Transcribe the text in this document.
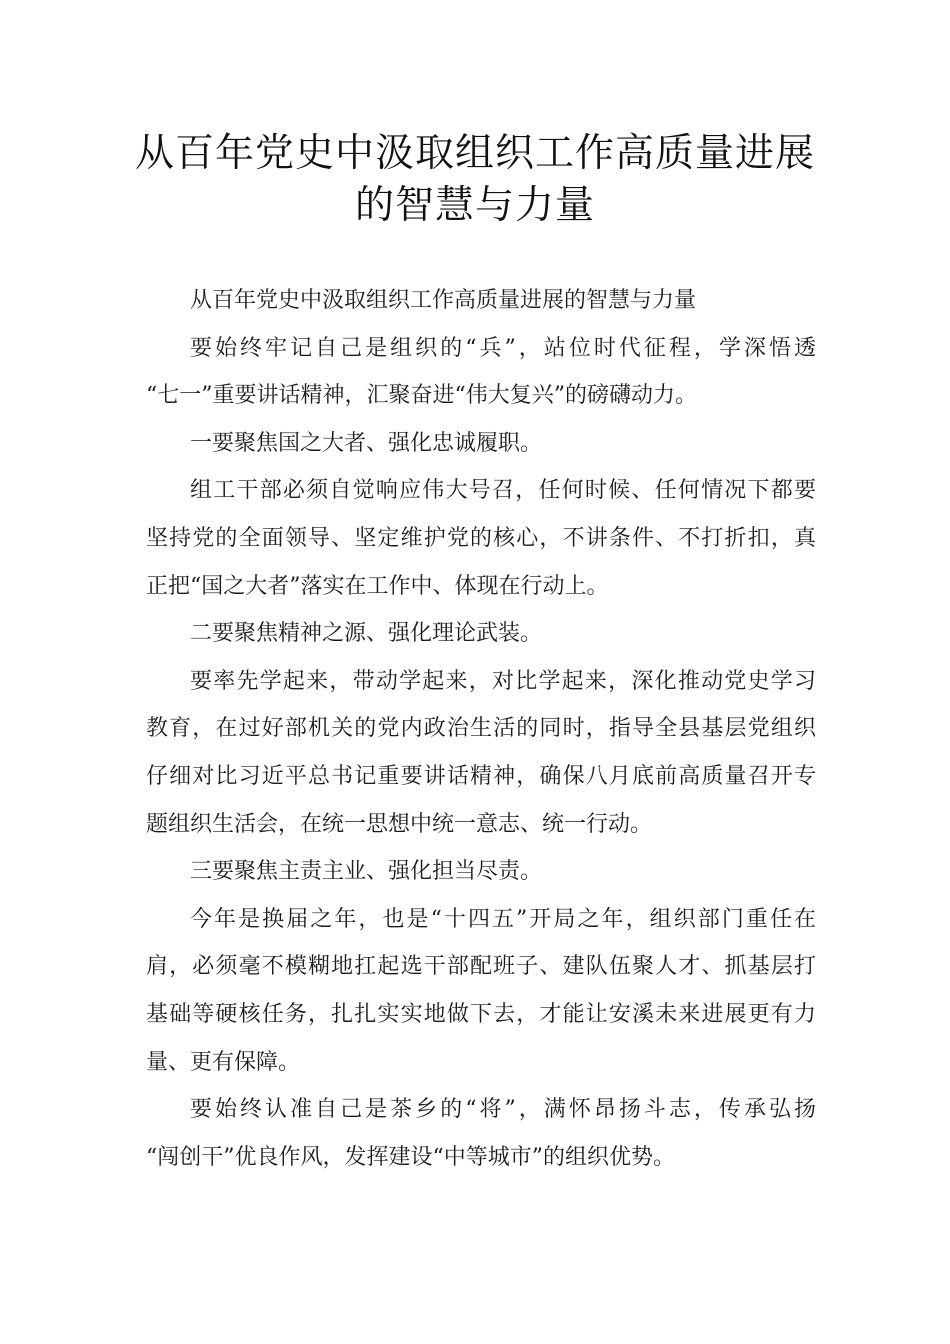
从百年党史中汲取组织工作高质量进展
的智慧与力量
从百年党史中汲取组织工作高质量进展的智慧与力量
要始终牢记自己是组织的“兵”，站位时代征程，学深悟透
“七一”重要讲话精神，汇聚奋进“伟大复兴”的磅礴动力。
一要聚焦国之大者、强化忠诚履职。
组工干部必须自觉响应伟大号召，任何时候、任何情况下都要
坚持党的全面领导、坚定维护党的核心，不讲条件、不打折扣，真
正把“国之大者”落实在工作中、体现在行动上。
二要聚焦精神之源、强化理论武装。
要率先学起来，带动学起来，对比学起来，深化推动党史学习
教育，在过好部机关的党内政治生活的同时，指导全县基层党组织
仔细对比习近平总书记重要讲话精神，确保八月底前高质量召开专
题组织生活会，在统一思想中统一意志、统一行动。
三要聚焦主责主业、强化担当尽责。
今年是换届之年，也是“十四五”开局之年，组织部门重任在
肩，必须毫不模糊地扛起选干部配班子、建队伍聚人才、抓基层打
基础等硬核任务，扎扎实实地做下去，才能让安溪未来进展更有力
量、更有保障。
要始终认准自己是茶乡的“将”，满怀昂扬斗志，传承弘扬
“闯创干”优良作风，发挥建设“中等城市”的组织优势。
